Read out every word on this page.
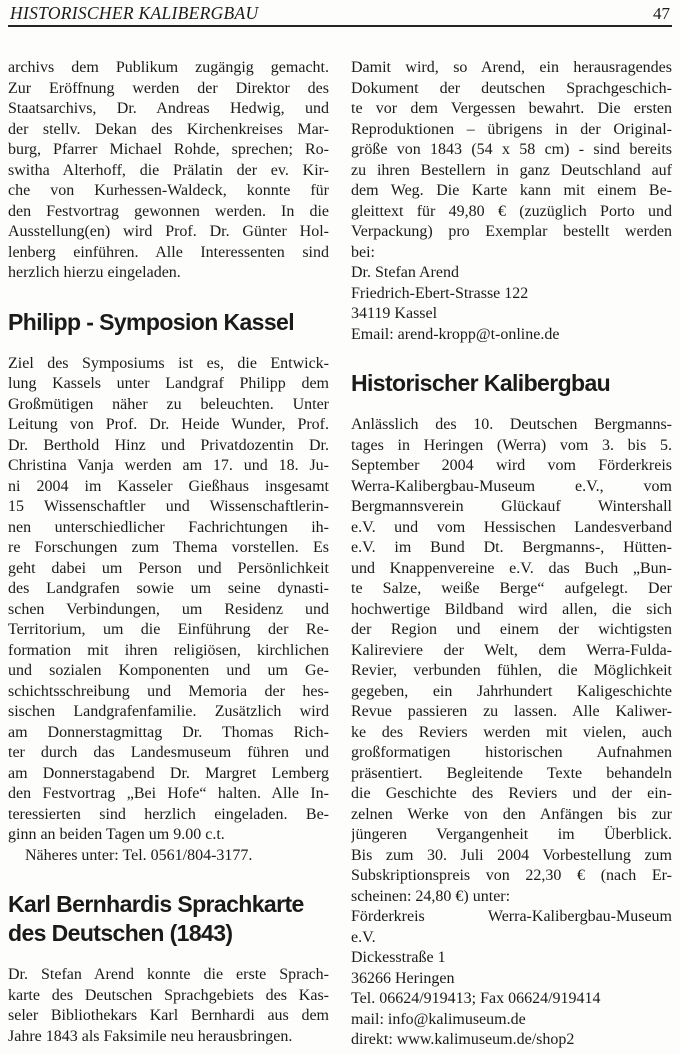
HISTORISCHER KALIBERGBAU	47
archivs dem Publikum zugängig gemacht.
Zur Eröffnung werden der Direktor des
Staatsarchivs, Dr. Andreas Hedwig, und
der stellv. Dekan des Kirchenkreises Mar-
burg, Pfarrer Michael Rohde, sprechen; Ro-
switha Alterhoff, die Prälatin der ev. Kir-
che von Kurhessen-Waldeck, konnte für
den Festvortrag gewonnen werden. In die
Ausstellung(en) wird Prof. Dr. Günter Hol-
lenberg einführen. Alle Interessenten sind
herzlich hierzu eingeladen.
Philipp - Symposion Kassel
Ziel des Symposiums ist es, die Entwick-
lung Kassels unter Landgraf Philipp dem
Großmütigen näher zu beleuchten. Unter
Leitung von Prof. Dr. Heide Wunder, Prof.
Dr. Berthold Hinz und Privatdozentin Dr.
Christina Vanja werden am 17. und 18. Ju-
ni 2004 im Kasseler Gießhaus insgesamt
15 Wissenschaftler und Wissenschaftlerin-
nen unterschiedlicher Fachrichtungen ih-
re Forschungen zum Thema vorstellen. Es
geht dabei um Person und Persönlichkeit
des Landgrafen sowie um seine dynasti-
schen Verbindungen, um Residenz und
Territorium, um die Einführung der Re-
formation mit ihren religiösen, kirchlichen
und sozialen Komponenten und um Ge-
schichtsschreibung und Memoria der hes-
sischen Landgrafenfamilie. Zusätzlich wird
am Donnerstagmittag Dr. Thomas Rich-
ter durch das Landesmuseum führen und
am Donnerstagabend Dr. Margret Lemberg
den Festvortrag „Bei Hofe“ halten. Alle In-
teressierten sind herzlich eingeladen. Be-
ginn an beiden Tagen um 9.00 c.t.
Näheres unter: Tel. 0561/804-3177.
Karl Bernhardis Sprachkarte
des Deutschen (1843)
Dr. Stefan Arend konnte die erste Sprach-
karte des Deutschen Sprachgebiets des Kas-
seler Bibliothekars Karl Bernhardi aus dem
Jahre 1843 als Faksimile neu herausbringen.
Damit wird, so Arend, ein herausragendes
Dokument der deutschen Sprachgeschich-
te vor dem Vergessen bewahrt. Die ersten
Reproduktionen – übrigens in der Original-
größe von 1843 (54 x 58 cm) - sind bereits
zu ihren Bestellern in ganz Deutschland auf
dem Weg. Die Karte kann mit einem Be-
gleittext für 49,80 € (zuzüglich Porto und
Verpackung) pro Exemplar bestellt werden
bei:
Dr. Stefan Arend
Friedrich-Ebert-Strasse 122
34119 Kassel
Email: arend-kropp@t-online.de
Historischer Kalibergbau
Anlässlich des 10. Deutschen Bergmanns-
tages in Heringen (Werra) vom 3. bis 5.
September 2004 wird vom Förderkreis
Werra-Kalibergbau-Museum e.V., vom
Bergmannsverein Glückauf Wintershall
e.V. und vom Hessischen Landesverband
e.V. im Bund Dt. Bergmanns-, Hütten-
und Knappenvereine e.V. das Buch „Bun-
te Salze, weiße Berge“ aufgelegt. Der
hochwertige Bildband wird allen, die sich
der Region und einem der wichtigsten
Kalireviere der Welt, dem Werra-Fulda-
Revier, verbunden fühlen, die Möglichkeit
gegeben, ein Jahrhundert Kaligeschichte
Revue passieren zu lassen. Alle Kaliwer-
ke des Reviers werden mit vielen, auch
großformatigen historischen Aufnahmen
präsentiert. Begleitende Texte behandeln
die Geschichte des Reviers und der ein-
zelnen Werke von den Anfängen bis zur
jüngeren Vergangenheit im Überblick.
Bis zum 30. Juli 2004 Vorbestellung zum
Subskriptionspreis von 22,30 € (nach Er-
scheinen: 24,80 €) unter:
Förderkreis Werra-Kalibergbau-Museum
e.V.
Dickesstraße 1
36266 Heringen
Tel. 06624/919413; Fax 06624/919414
mail: info@kalimuseum.de
direkt: www.kalimuseum.de/shop2
